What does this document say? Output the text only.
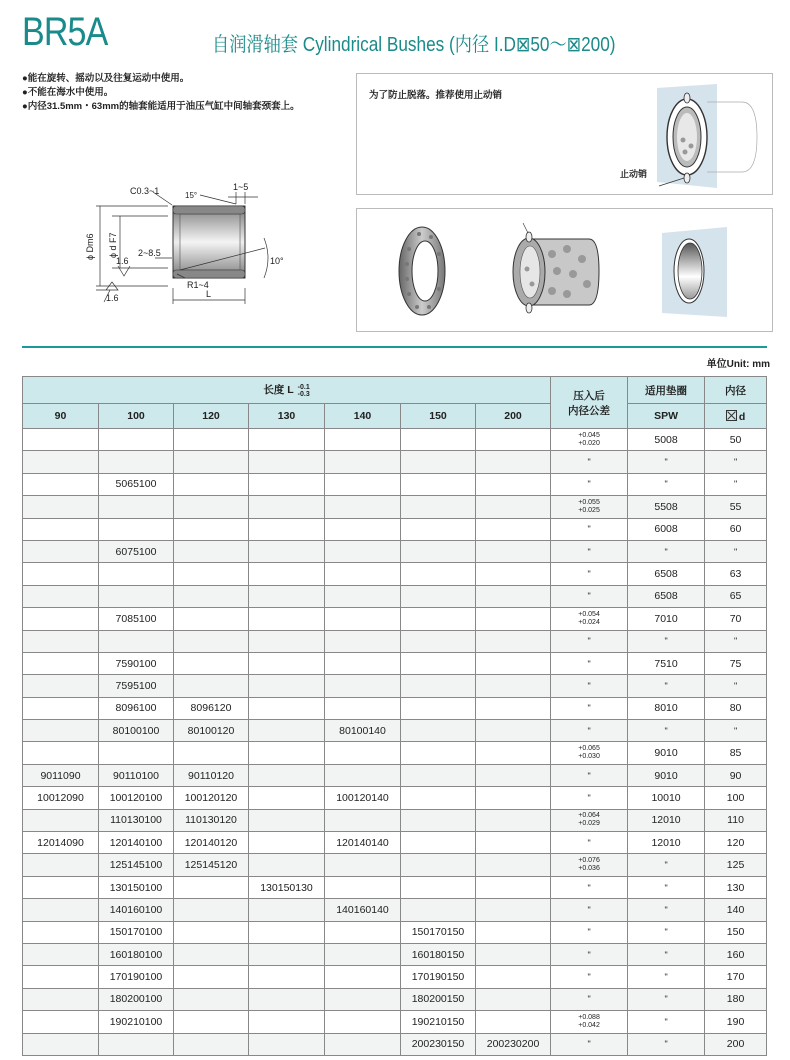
BR5A	自润滑轴套 Cylindrical Bushes (内径 I.D⊠50～⊠200)
●能在旋转、摇动以及往复运动中使用。
●不能在海水中使用。
●内径31.5mm・63mm的轴套能适用于油压气缸中间轴套颈套上。
C0.3~1	15°
1~5
ϕ Dm6 ϕ d F7
1.6
1.6
2~8.5
10°
R1~4
L
为了防止脱落。推荐使用止动销
止动销
单位Unit: mm
长度 L -0.1
-0.3							压入后
内径公差	适用垫圈	内径
90	100	120	130	140	150	200		SPW	d
							+0.045
+0.020	5008	50
							"	"	"
	5065100						"	"	"
							+0.055
+0.025	5508	55
							"	6008	60
	6075100						"	"	"
							"	6508	63
							"	6508	65
	7085100						+0.054
+0.024	7010	70
							"	"	"
	7590100						"	7510	75
	7595100						"	"	"
	8096100	8096120					"	8010	80
	80100100	80100120		80100140			"	"	"
							+0.065
+0.030	9010	85
9011090	90110100	90110120					"	9010	90
10012090	100120100	100120120		100120140			"	10010	100
	110130100	110130120					+0.064
+0.029	12010	110
12014090	120140100	120140120		120140140			"	12010	120
	125145100	125145120					+0.076
+0.036	"	125
	130150100		130150130				"	"	130
	140160100			140160140			"	"	140
	150170100				150170150		"	"	150
	160180100				160180150		"	"	160
	170190100				170190150		"	"	170
	180200100				180200150		"	"	180
	190210100				190210150		+0.088
+0.042	"	190
					200230150	200230200	"	"	200
